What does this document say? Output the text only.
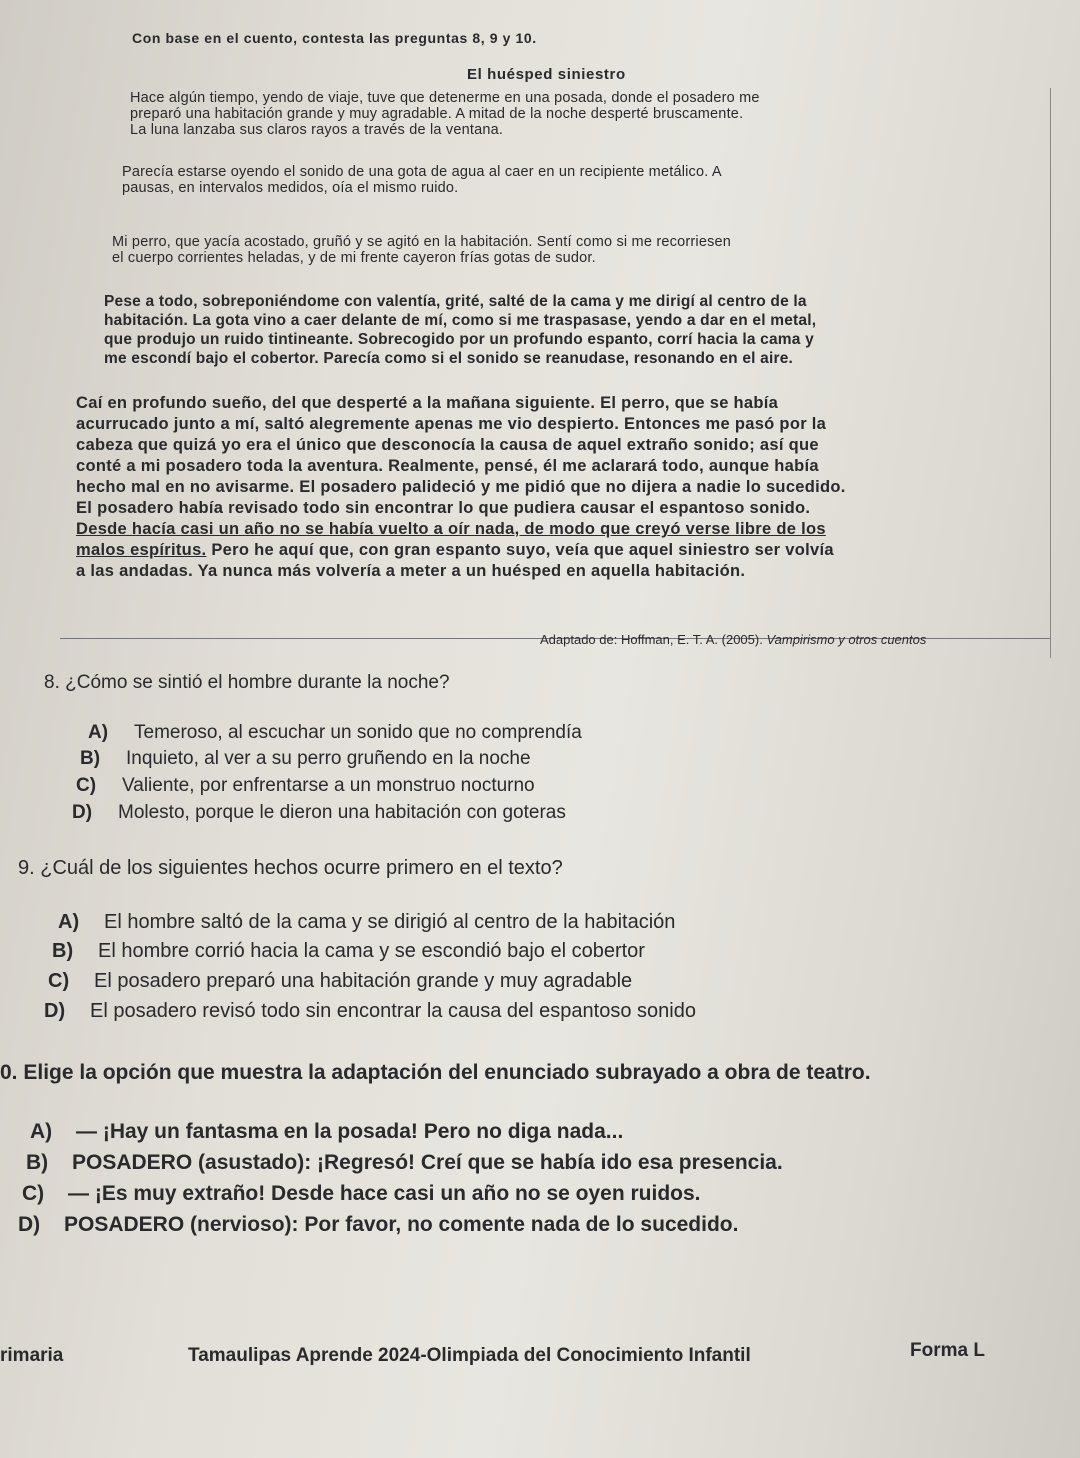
Con base en el cuento, contesta las preguntas 8, 9 y 10.
El huésped siniestro
Hace algún tiempo, yendo de viaje, tuve que detenerme en una posada, donde el posadero me
preparó una habitación grande y muy agradable. A mitad de la noche desperté bruscamente.
La luna lanzaba sus claros rayos a través de la ventana.
Parecía estarse oyendo el sonido de una gota de agua al caer en un recipiente metálico. A
pausas, en intervalos medidos, oía el mismo ruido.
Mi perro, que yacía acostado, gruñó y se agitó en la habitación. Sentí como si me recorriesen
el cuerpo corrientes heladas, y de mi frente cayeron frías gotas de sudor.
Pese a todo, sobreponiéndome con valentía, grité, salté de la cama y me dirigí al centro de la
habitación. La gota vino a caer delante de mí, como si me traspasase, yendo a dar en el metal,
que produjo un ruido tintineante. Sobrecogido por un profundo espanto, corrí hacia la cama y
me escondí bajo el cobertor. Parecía como si el sonido se reanudase, resonando en el aire.
Caí en profundo sueño, del que desperté a la mañana siguiente. El perro, que se había
acurrucado junto a mí, saltó alegremente apenas me vio despierto. Entonces me pasó por la
cabeza que quizá yo era el único que desconocía la causa de aquel extraño sonido; así que
conté a mi posadero toda la aventura. Realmente, pensé, él me aclarará todo, aunque había
hecho mal en no avisarme. El posadero palideció y me pidió que no dijera a nadie lo sucedido.
El posadero había revisado todo sin encontrar lo que pudiera causar el espantoso sonido.
Desde hacía casi un año no se había vuelto a oír nada, de modo que creyó verse libre de los
malos espíritus. Pero he aquí que, con gran espanto suyo, veía que aquel siniestro ser volvía
a las andadas. Ya nunca más volvería a meter a un huésped en aquella habitación.
Adaptado de: Hoffman, E. T. A. (2005). Vampirismo y otros cuentos
8. ¿Cómo se sintió el hombre durante la noche?
A) Temeroso, al escuchar un sonido que no comprendía
B) Inquieto, al ver a su perro gruñendo en la noche
C) Valiente, por enfrentarse a un monstruo nocturno
D) Molesto, porque le dieron una habitación con goteras
9. ¿Cuál de los siguientes hechos ocurre primero en el texto?
A) El hombre saltó de la cama y se dirigió al centro de la habitación
B) El hombre corrió hacia la cama y se escondió bajo el cobertor
C) El posadero preparó una habitación grande y muy agradable
D) El posadero revisó todo sin encontrar la causa del espantoso sonido
0. Elige la opción que muestra la adaptación del enunciado subrayado a obra de teatro.
A) — ¡Hay un fantasma en la posada! Pero no diga nada...
B) POSADERO (asustado): ¡Regresó! Creí que se había ido esa presencia.
C) — ¡Es muy extraño! Desde hace casi un año no se oyen ruidos.
D) POSADERO (nervioso): Por favor, no comente nada de lo sucedido.
rimaria	Tamaulipas Aprende 2024-Olimpiada del Conocimiento Infantil	Forma L
